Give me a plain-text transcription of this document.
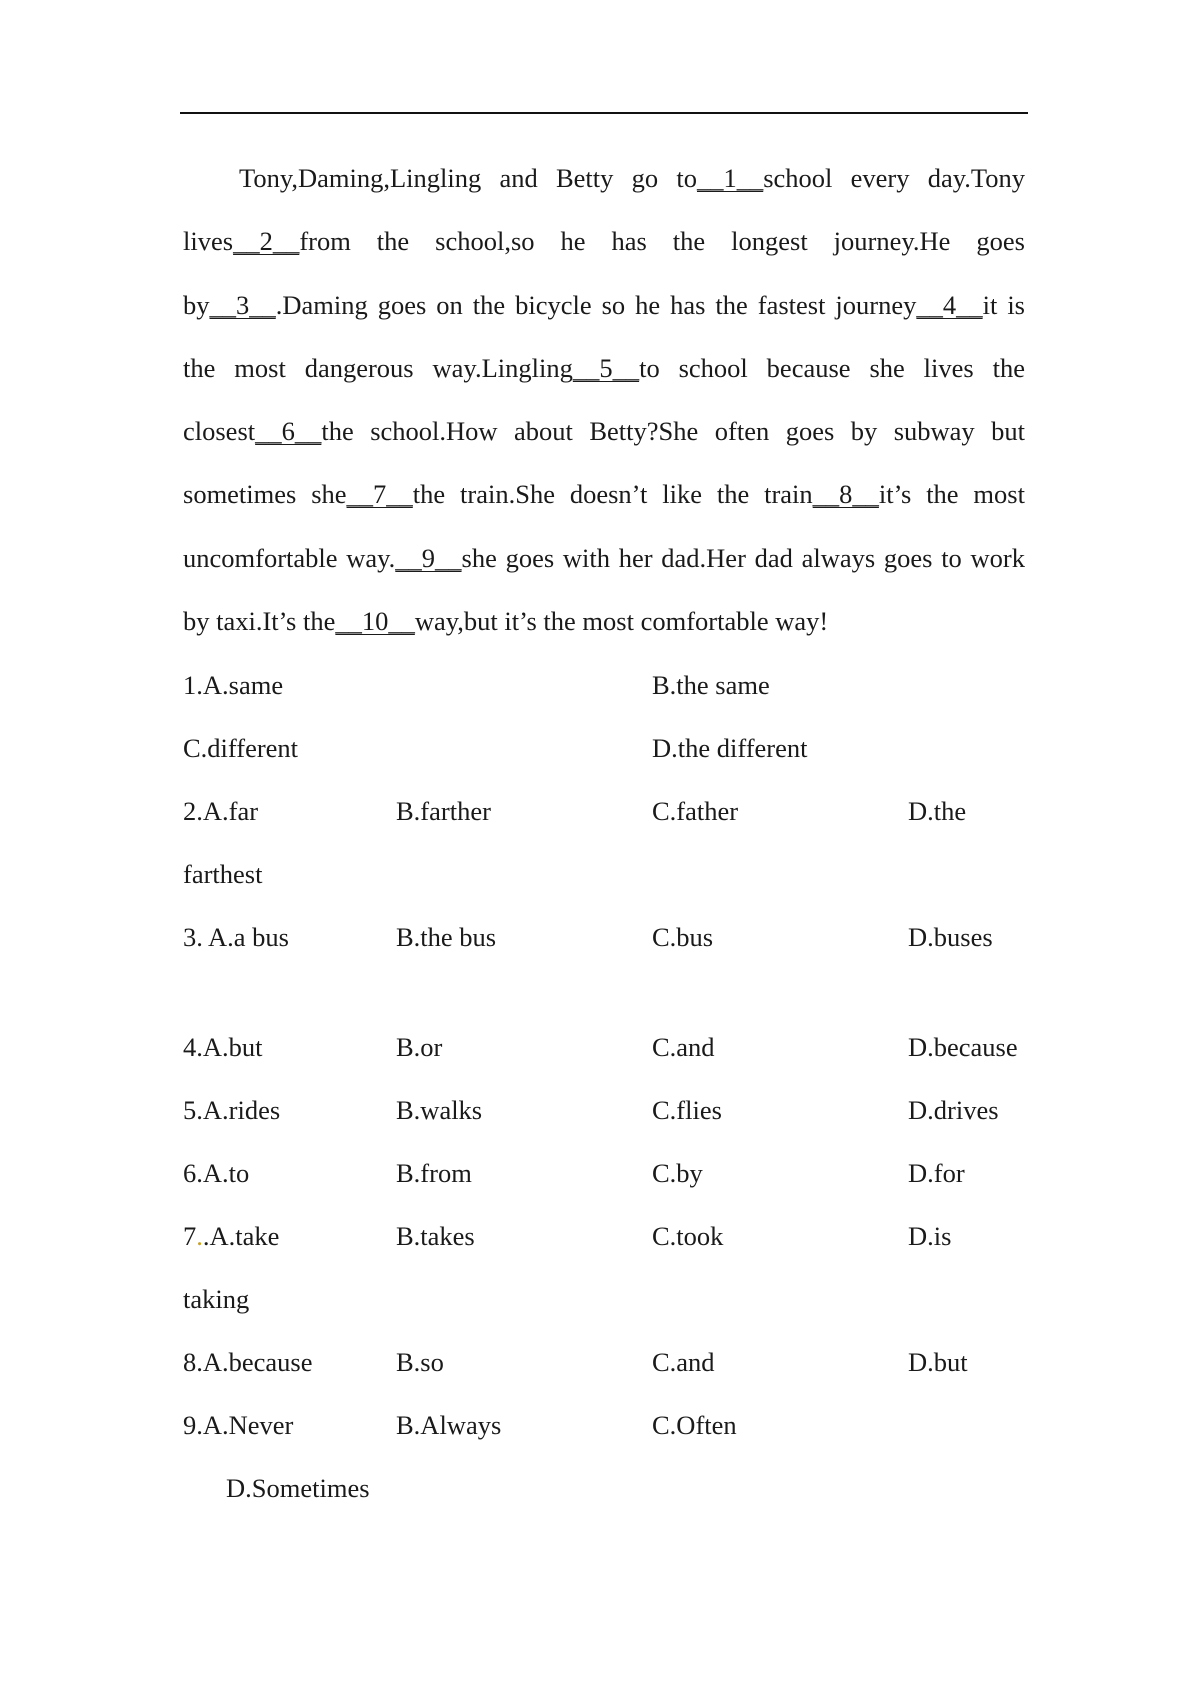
Tony,Daming,Lingling and Betty go to__1__school every day.Tony lives__2__from the school,so he has the longest journey.He goes by__3__.Daming goes on the bicycle so he has the fastest journey__4__it is the most dangerous way.Lingling__5__to school because she lives the closest__6__the school.How about Betty?She often goes by subway but sometimes she__7__the train.She doesn’t like the train__8__it’s the most uncomfortable way.__9__she goes with her dad.Her dad always goes to work by taxi.It’s the__10__way,but it’s the most comfortable way!

1.A.same	B.the same
C.different	D.the different
2.A.far	B.farther	C.father	D.the
farthest
3. A.a bus	B.the bus	C.bus	D.buses
4.A.but	B.or	C.and	D.because
5.A.rides	B.walks	C.flies	D.drives
6.A.to	B.from	C.by	D.for
7..A.take	B.takes	C.took	D.is
taking
8.A.because	B.so	C.and	D.but
9.A.Never	B.Always	C.Often
D.Sometimes
